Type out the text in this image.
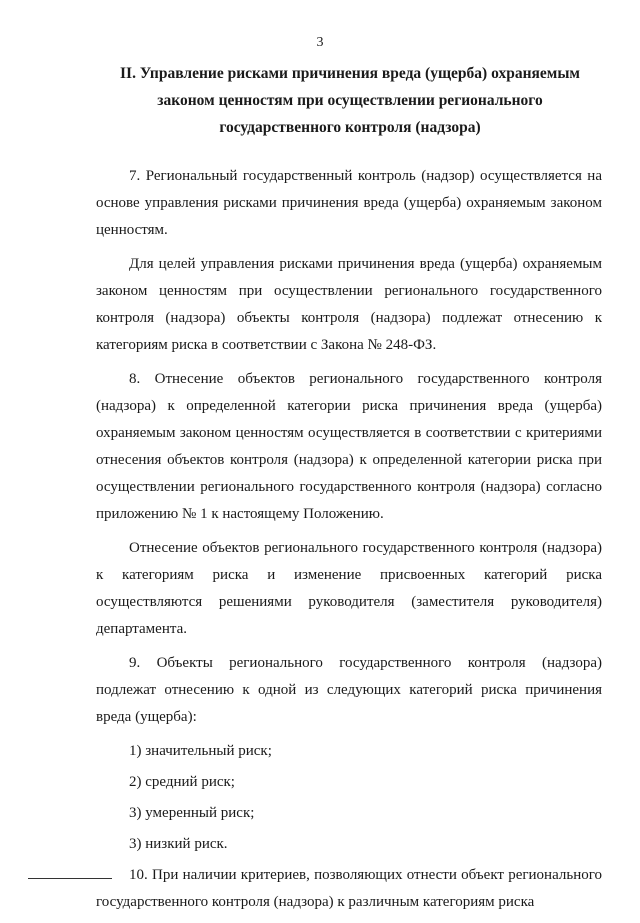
3
II. Управление рисками причинения вреда (ущерба) охраняемым законом ценностям при осуществлении регионального государственного контроля (надзора)

7. Региональный государственный контроль (надзор) осуществляется на основе управления рисками причинения вреда (ущерба) охраняемым законом ценностям.

Для целей управления рисками причинения вреда (ущерба) охраняемым законом ценностям при осуществлении регионального государственного контроля (надзора) объекты контроля (надзора) подлежат отнесению к категориям риска в соответствии с Закона № 248-ФЗ.

8. Отнесение объектов регионального государственного контроля (надзора) к определенной категории риска причинения вреда (ущерба) охраняемым законом ценностям осуществляется в соответствии с критериями отнесения объектов контроля (надзора) к определенной категории риска при осуществлении регионального государственного контроля (надзора) согласно приложению № 1 к настоящему Положению.

Отнесение объектов регионального государственного контроля (надзора) к категориям риска и изменение присвоенных категорий риска осуществляются решениями руководителя (заместителя руководителя) департамента.

9. Объекты регионального государственного контроля (надзора) подлежат отнесению к одной из следующих категорий риска причинения вреда (ущерба):

1) значительный риск;

2) средний риск;

3) умеренный риск;

3) низкий риск.

10. При наличии критериев, позволяющих отнести объект регионального государственного контроля (надзора) к различным категориям риска
